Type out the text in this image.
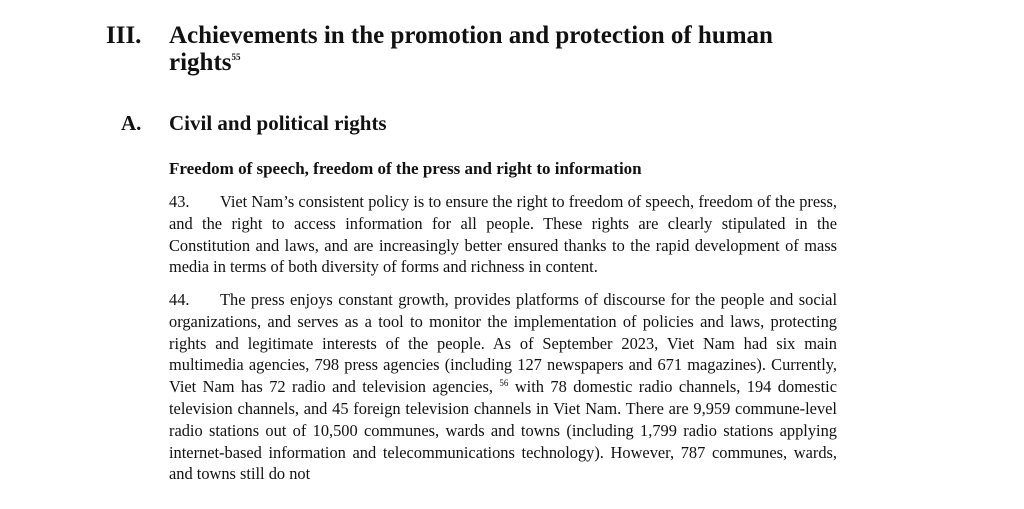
III. Achievements in the promotion and protection of human rights$^{55}$
A. Civil and political rights
Freedom of speech, freedom of the press and right to information
43. Viet Nam’s consistent policy is to ensure the right to freedom of speech, freedom of the press, and the right to access information for all people. These rights are clearly stipulated in the Constitution and laws, and are increasingly better ensured thanks to the rapid development of mass media in terms of both diversity of forms and richness in content.
44. The press enjoys constant growth, provides platforms of discourse for the people and social organizations, and serves as a tool to monitor the implementation of policies and laws, protecting rights and legitimate interests of the people. As of September 2023, Viet Nam had six main multimedia agencies, 798 press agencies (including 127 newspapers and 671 magazines). Currently, Viet Nam has 72 radio and television agencies, $^{56}$ with 78 domestic radio channels, 194 domestic television channels, and 45 foreign television channels in Viet Nam. There are 9,959 commune-level radio stations out of 10,500 communes, wards and towns (including 1,799 radio stations applying internet-based information and telecommunications technology). However, 787 communes, wards, and towns still do not
